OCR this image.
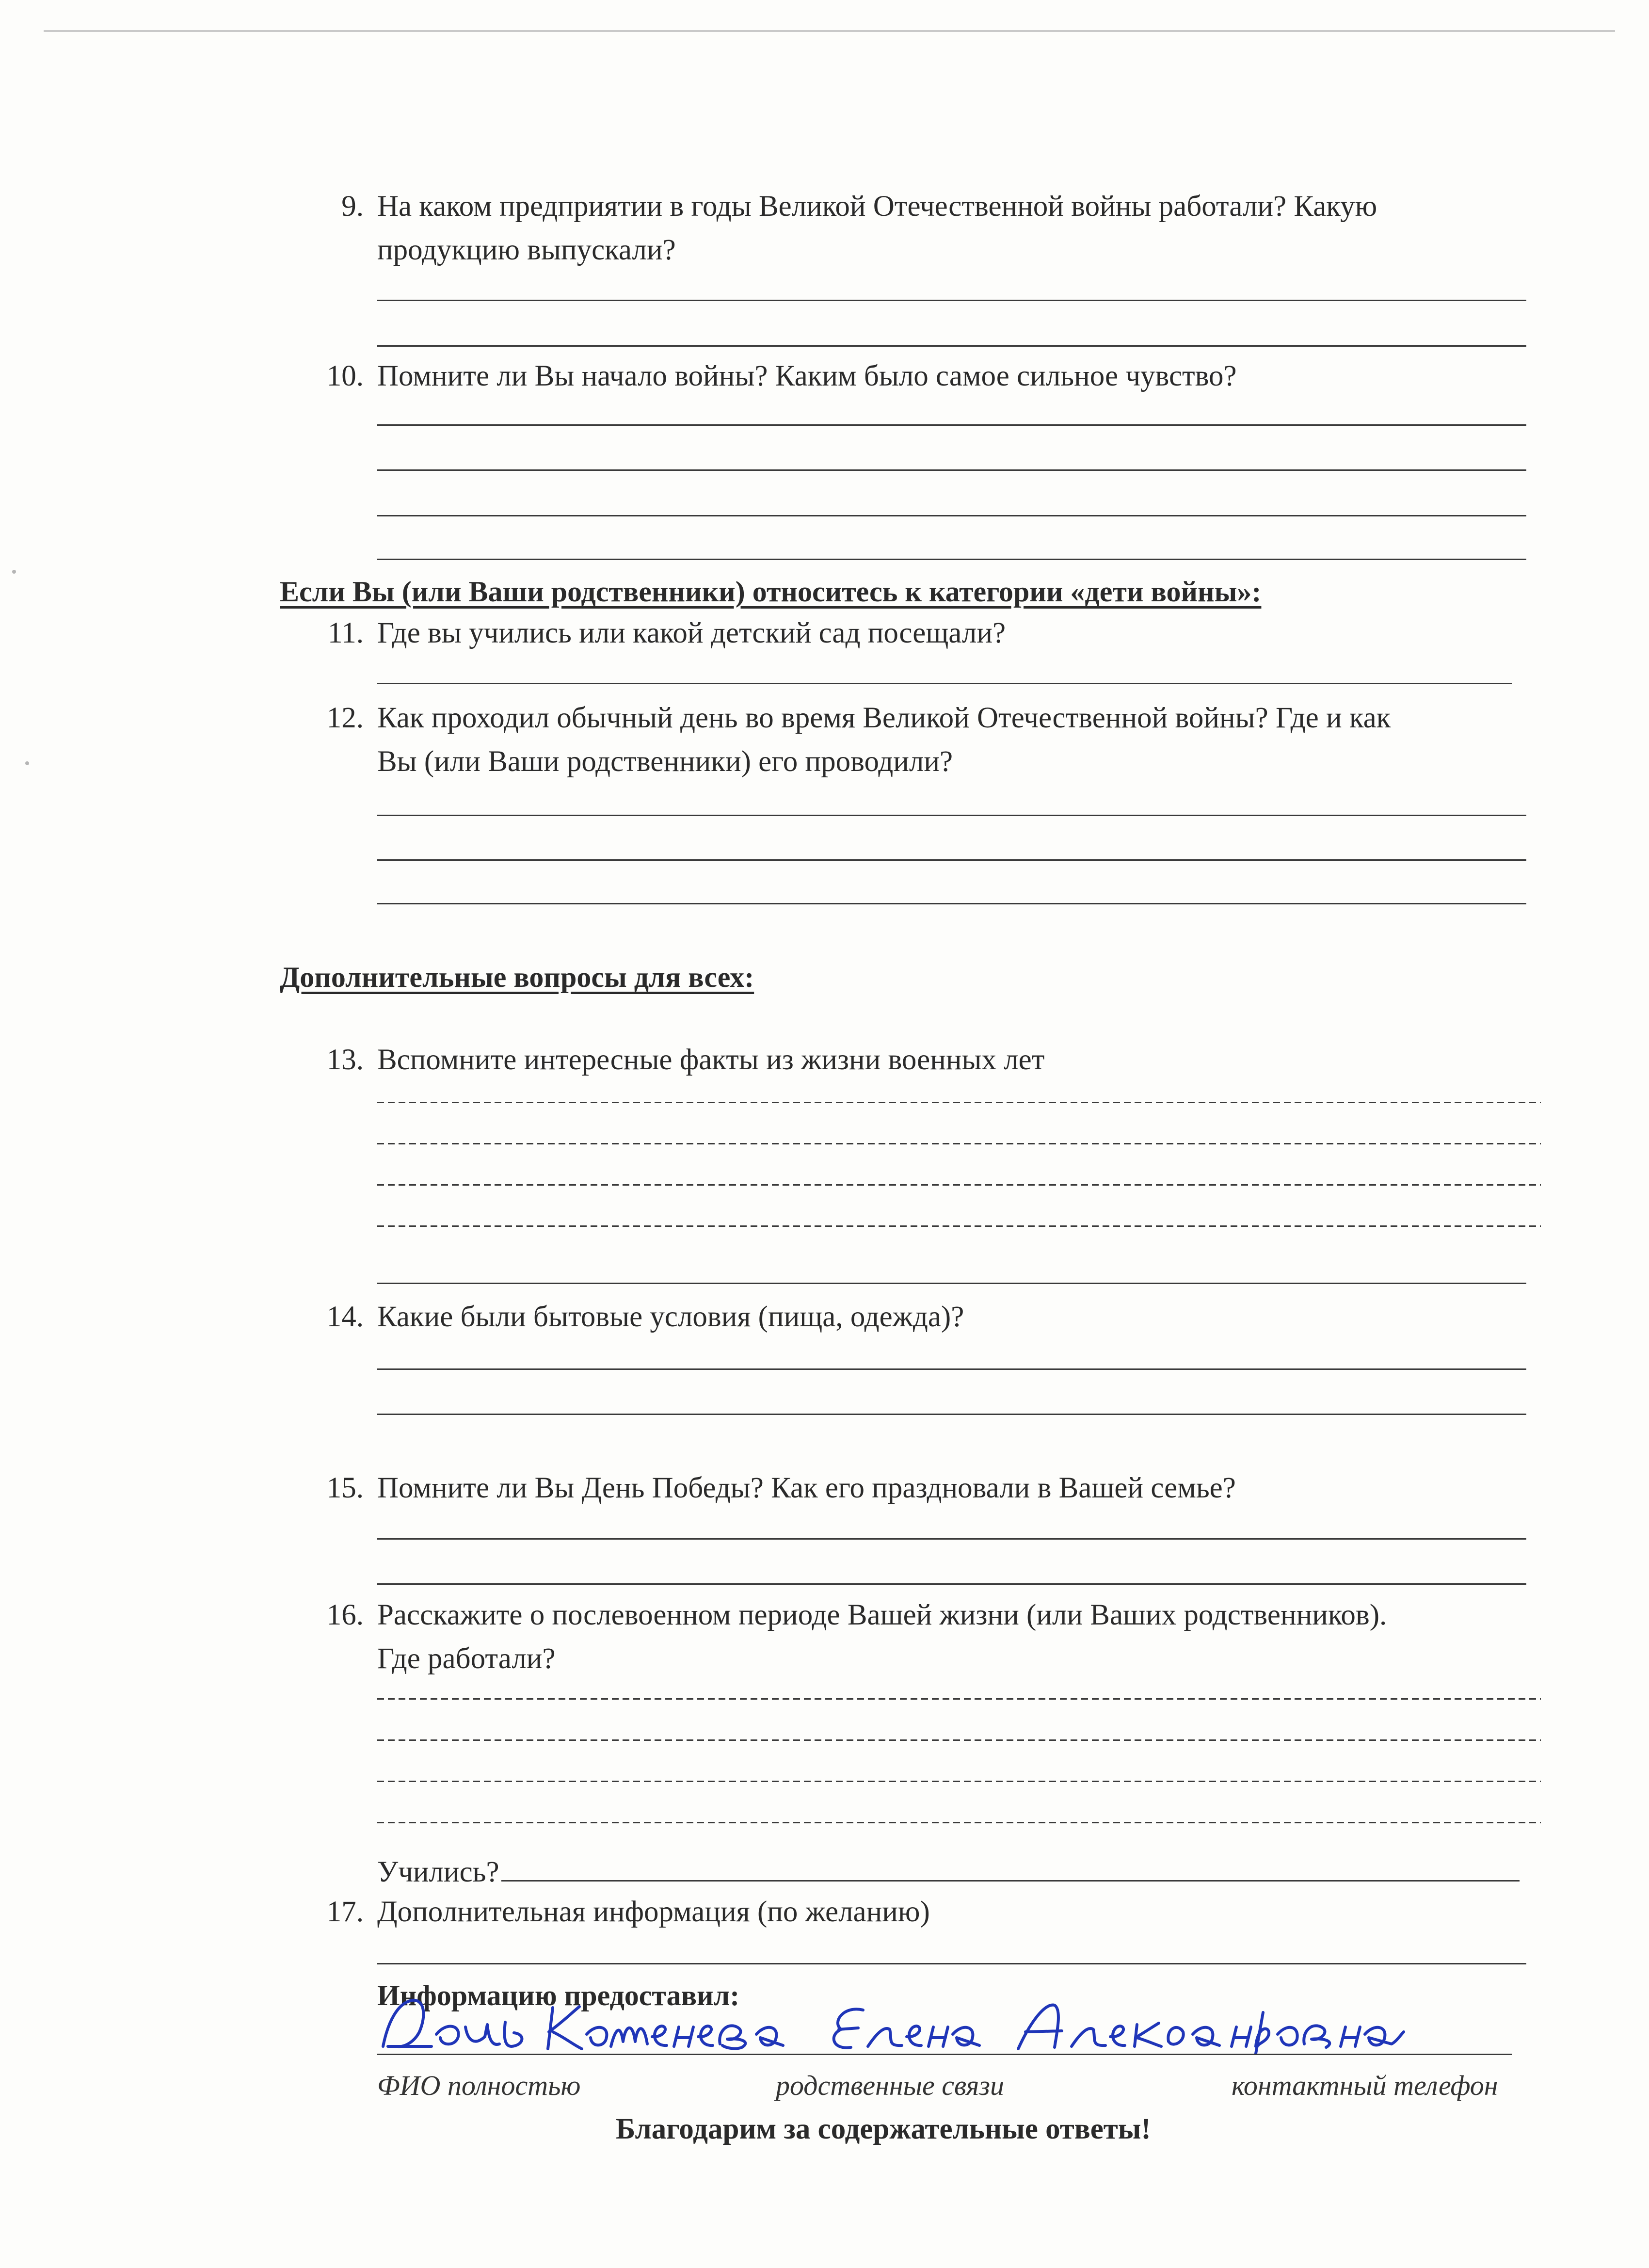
9. На каком предприятии в годы Великой Отечественной войны работали? Какую
продукцию выпускали?
10. Помните ли Вы начало войны? Каким было самое сильное чувство?
Если Вы (или Ваши родственники) относитесь к категории «дети войны»:
11. Где вы учились или какой детский сад посещали?
12. Как проходил обычный день во время Великой Отечественной войны? Где и как
Вы (или Ваши родственники) его проводили?
Дополнительные вопросы для всех:
13. Вспомните интересные факты из жизни военных лет
14. Какие были бытовые условия (пища, одежда)?
15. Помните ли Вы День Победы? Как его праздновали в Вашей семье?
16. Расскажите о послевоенном периоде Вашей жизни (или Ваших родственников).
Где работали?
Учились?
17. Дополнительная информация (по желанию)
Информацию предоставил:
ФИО полностью	родственные связи	контактный телефон
Благодарим за содержательные ответы!
